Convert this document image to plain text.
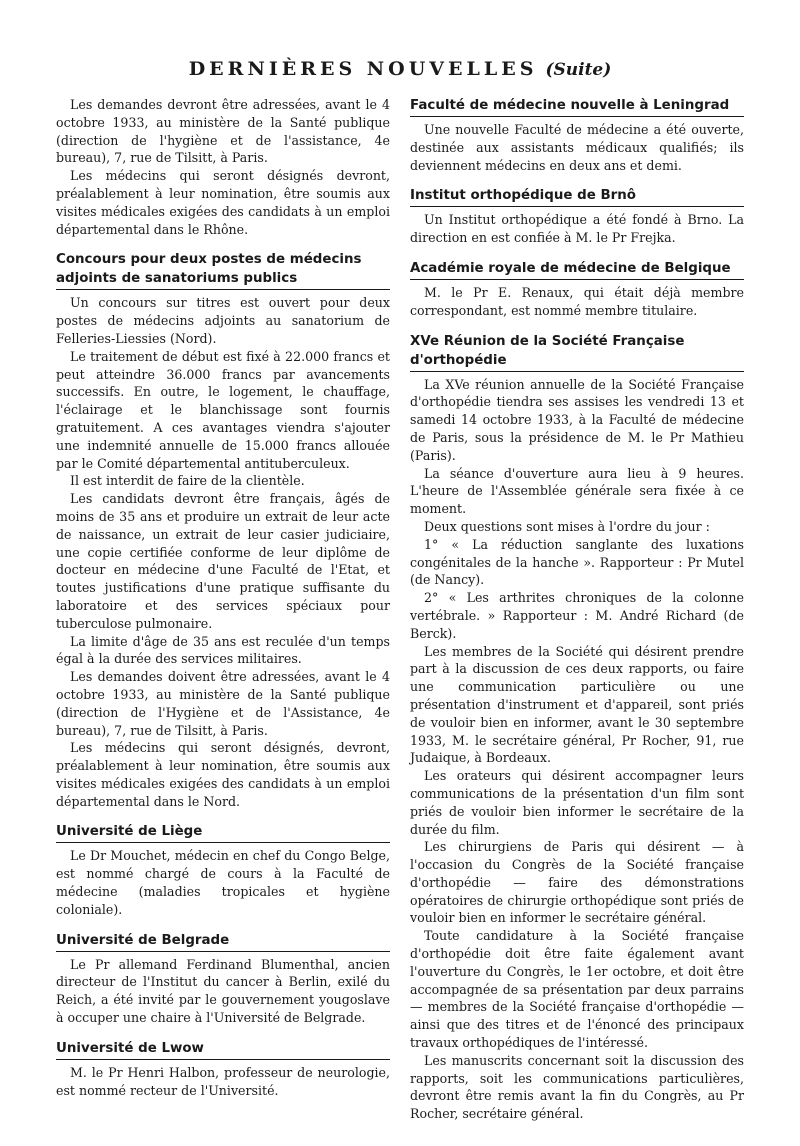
DERNIÈRES NOUVELLES (Suite)

Les demandes devront être adressées, avant le 4 octobre 1933, au ministère de la Santé publique (direction de l'hygiène et de l'assistance, 4e bureau), 7, rue de Tilsitt, à Paris.

Les médecins qui seront désignés devront, préalablement à leur nomination, être soumis aux visites médicales exigées des candidats à un emploi départemental dans le Rhône.

Concours pour deux postes de médecins adjoints de sanatoriums publics

Un concours sur titres est ouvert pour deux postes de médecins adjoints au sanatorium de Felleries-Liessies (Nord).

Le traitement de début est fixé à 22.000 francs et peut atteindre 36.000 francs par avancements successifs. En outre, le logement, le chauffage, l'éclairage et le blanchissage sont fournis gratuitement. A ces avantages viendra s'ajouter une indemnité annuelle de 15.000 francs allouée par le Comité départemental antituberculeux.

Il est interdit de faire de la clientèle.

Les candidats devront être français, âgés de moins de 35 ans et produire un extrait de leur acte de naissance, un extrait de leur casier judiciaire, une copie certifiée conforme de leur diplôme de docteur en médecine d'une Faculté de l'Etat, et toutes justifications d'une pratique suffisante du laboratoire et des services spéciaux pour tuberculose pulmonaire.

La limite d'âge de 35 ans est reculée d'un temps égal à la durée des services militaires.

Les demandes doivent être adressées, avant le 4 octobre 1933, au ministère de la Santé publique (direction de l'Hygiène et de l'Assistance, 4e bureau), 7, rue de Tilsitt, à Paris.

Les médecins qui seront désignés, devront, préalablement à leur nomination, être soumis aux visites médicales exigées des candidats à un emploi départemental dans le Nord.

Université de Liège

Le Dr Mouchet, médecin en chef du Congo Belge, est nommé chargé de cours à la Faculté de médecine (maladies tropicales et hygiène coloniale).

Université de Belgrade

Le Pr allemand Ferdinand Blumenthal, ancien directeur de l'Institut du cancer à Berlin, exilé du Reich, a été invité par le gouvernement yougoslave à occuper une chaire à l'Université de Belgrade.

Université de Lwow

M. le Pr Henri Halbon, professeur de neurologie, est nommé recteur de l'Université.

Faculté de médecine nouvelle à Leningrad

Une nouvelle Faculté de médecine a été ouverte, destinée aux assistants médicaux qualifiés; ils deviennent médecins en deux ans et demi.

Institut orthopédique de Brnô

Un Institut orthopédique a été fondé à Brno. La direction en est confiée à M. le Pr Frejka.

Académie royale de médecine de Belgique

M. le Pr E. Renaux, qui était déjà membre correspondant, est nommé membre titulaire.

XVe Réunion de la Société Française d'orthopédie

La XVe réunion annuelle de la Société Française d'orthopédie tiendra ses assises les vendredi 13 et samedi 14 octobre 1933, à la Faculté de médecine de Paris, sous la présidence de M. le Pr Mathieu (Paris).

La séance d'ouverture aura lieu à 9 heures. L'heure de l'Assemblée générale sera fixée à ce moment.

Deux questions sont mises à l'ordre du jour :

1° « La réduction sanglante des luxations congénitales de la hanche ». Rapporteur : Pr Mutel (de Nancy).

2° « Les arthrites chroniques de la colonne vertébrale. » Rapporteur : M. André Richard (de Berck).

Les membres de la Société qui désirent prendre part à la discussion de ces deux rapports, ou faire une communication particulière ou une présentation d'instrument et d'appareil, sont priés de vouloir bien en informer, avant le 30 septembre 1933, M. le secrétaire général, Pr Rocher, 91, rue Judaique, à Bordeaux.

Les orateurs qui désirent accompagner leurs communications de la présentation d'un film sont priés de vouloir bien informer le secrétaire de la durée du film.

Les chirurgiens de Paris qui désirent — à l'occasion du Congrès de la Société française d'orthopédie — faire des démonstrations opératoires de chirurgie orthopédique sont priés de vouloir bien en informer le secrétaire général.

Toute candidature à la Société française d'orthopédie doit être faite également avant l'ouverture du Congrès, le 1er octobre, et doit être accompagnée de sa présentation par deux parrains — membres de la Société française d'orthopédie — ainsi que des titres et de l'énoncé des principaux travaux orthopédiques de l'intéressé.

Les manuscrits concernant soit la discussion des rapports, soit les communications particulières, devront être remis avant la fin du Congrès, au Pr Rocher, secrétaire général.
